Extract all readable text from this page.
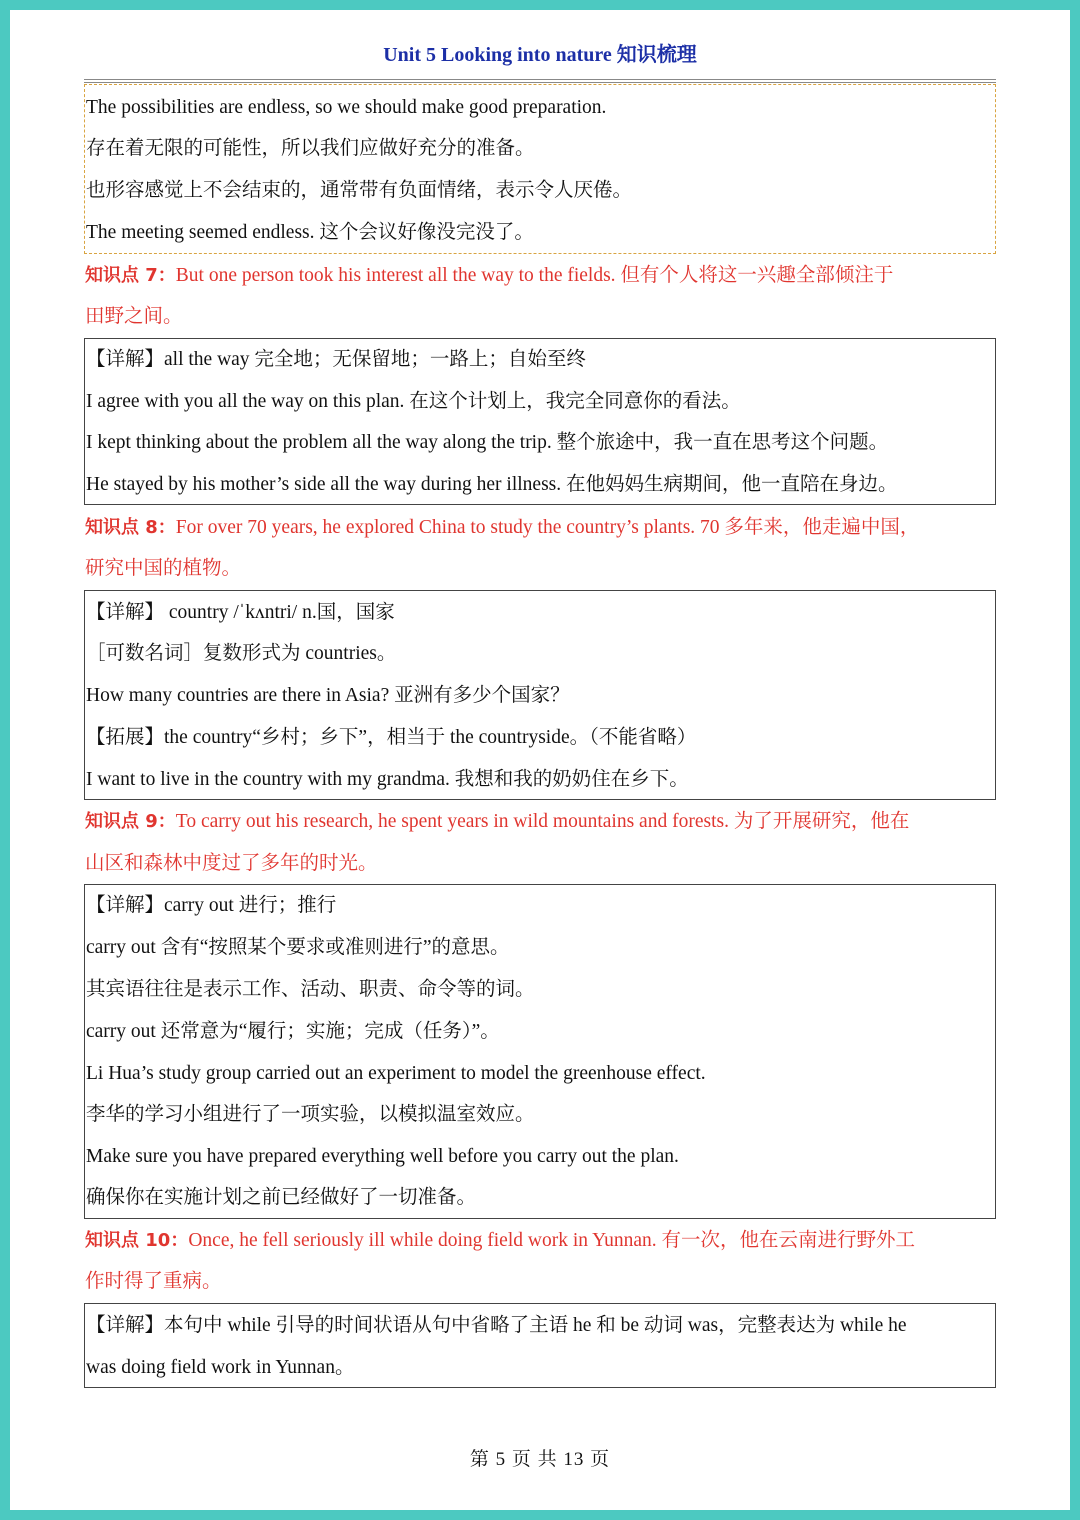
Unit 5 Looking into nature 知识梳理
The possibilities are endless, so we should make good preparation.
存在着无限的可能性，所以我们应做好充分的准备。
也形容感觉上不会结束的，通常带有负面情绪，表示令人厌倦。
The meeting seemed endless. 这个会议好像没完没了。
知识点 7：But one person took his interest all the way to the fields. 但有个人将这一兴趣全部倾注于
田野之间。
【详解】all the way 完全地；无保留地；一路上；自始至终
I agree with you all the way on this plan. 在这个计划上，我完全同意你的看法。
I kept thinking about the problem all the way along the trip. 整个旅途中，我一直在思考这个问题。
He stayed by his mother’s side all the way during her illness. 在他妈妈生病期间，他一直陪在身边。
知识点 8：For over 70 years, he explored China to study the country’s plants. 70 多年来，他走遍中国，
研究中国的植物。
【详解】 country /ˈkʌntri/ n.国，国家
［可数名词］复数形式为 countries。
How many countries are there in Asia? 亚洲有多少个国家？
【拓展】the country“乡村；乡下”，相当于 the countryside。（不能省略）
I want to live in the country with my grandma. 我想和我的奶奶住在乡下。
知识点 9：To carry out his research, he spent years in wild mountains and forests. 为了开展研究，他在
山区和森林中度过了多年的时光。
【详解】carry out 进行；推行
carry out 含有“按照某个要求或准则进行”的意思。
其宾语往往是表示工作、活动、职责、命令等的词。
carry out 还常意为“履行；实施；完成（任务）”。
Li Hua’s study group carried out an experiment to model the greenhouse effect.
李华的学习小组进行了一项实验，以模拟温室效应。
Make sure you have prepared everything well before you carry out the plan.
确保你在实施计划之前已经做好了一切准备。
知识点 10：Once, he fell seriously ill while doing field work in Yunnan. 有一次，他在云南进行野外工
作时得了重病。
【详解】本句中 while 引导的时间状语从句中省略了主语 he 和 be 动词 was，完整表达为 while he
was doing field work in Yunnan。
第 5 页 共 13 页
